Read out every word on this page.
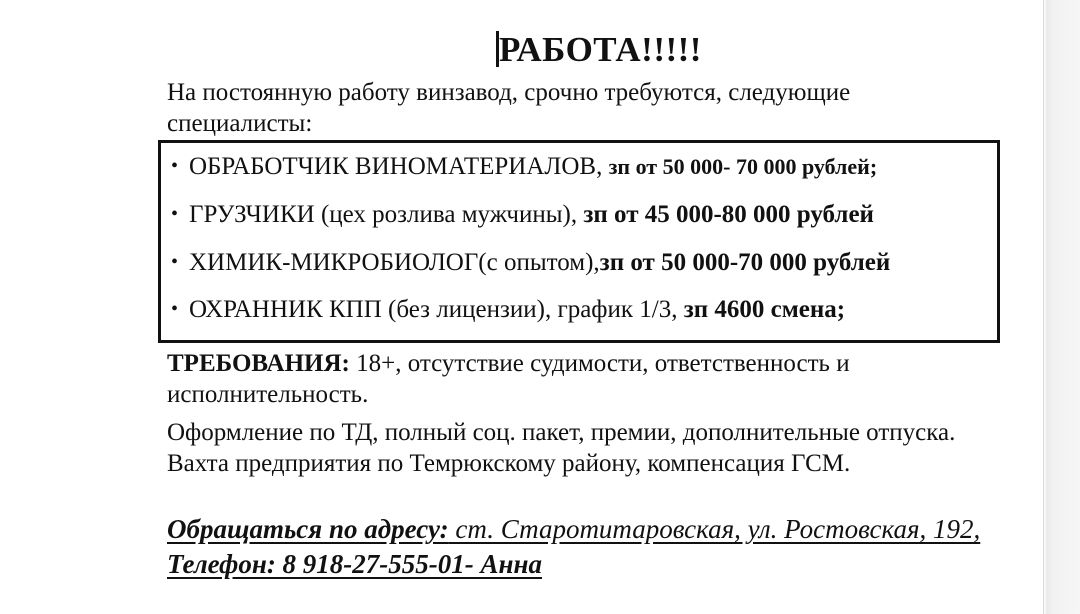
РАБОТА!!!!!
На постоянную работу винзавод, срочно требуются, следующие специалисты:
• ОБРАБОТЧИК ВИНОМАТЕРИАЛОВ, зп от 50 000- 70 000 рублей;
• ГРУЗЧИКИ (цех розлива мужчины), зп от 45 000-80 000 рублей
• ХИМИК-МИКРОБИОЛОГ(с опытом),зп от 50 000-70 000 рублей
• ОХРАННИК КПП (без лицензии), график 1/3, зп 4600 смена;
ТРЕБОВАНИЯ: 18+, отсутствие судимости, ответственность и исполнительность.
Оформление по ТД, полный соц. пакет, премии, дополнительные отпуска. Вахта предприятия по Темрюкскому району, компенсация ГСМ.
Обращаться по адресу: ст. Старотитаровская, ул. Ростовская, 192, Телефон: 8 918-27-555-01- Анна
